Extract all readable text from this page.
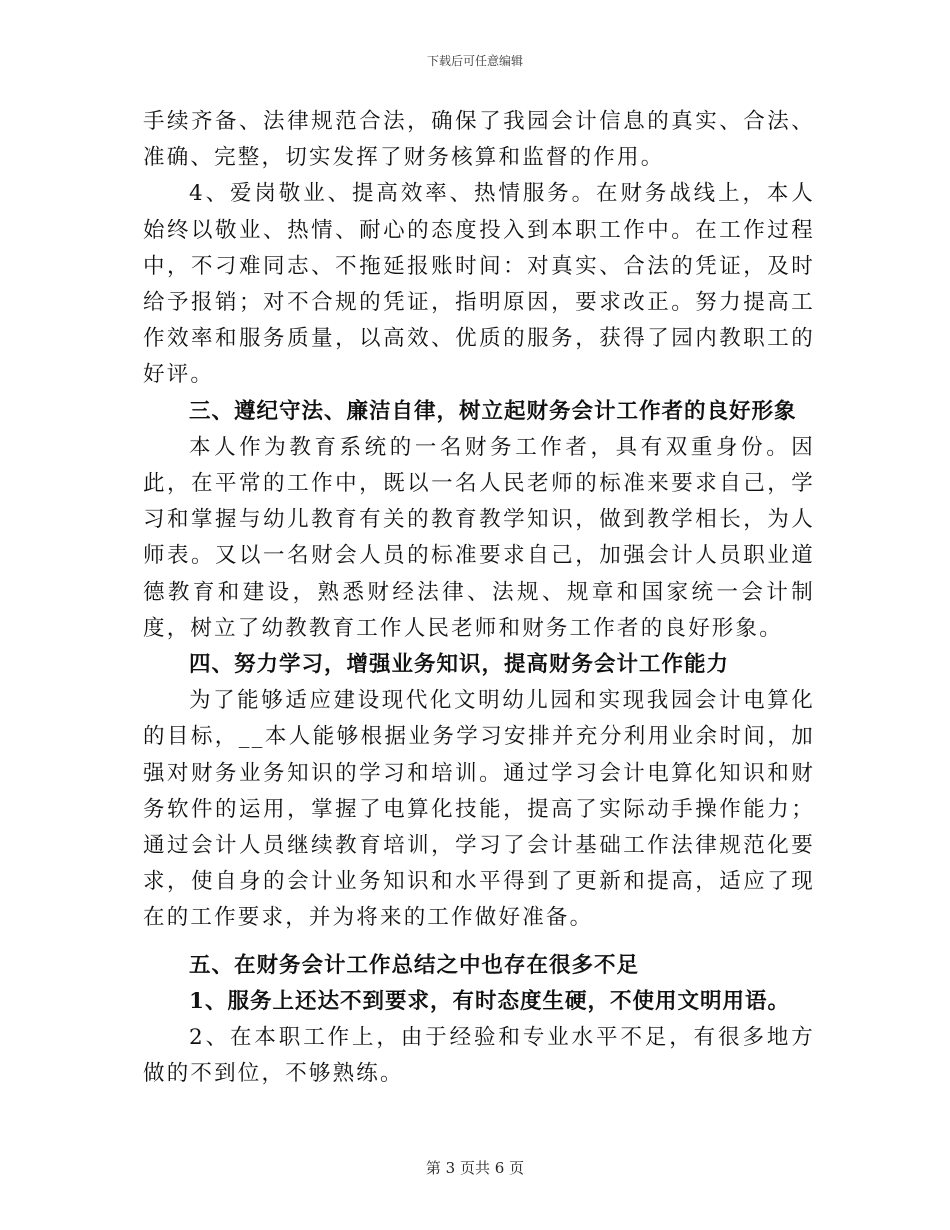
下载后可任意编辑

手续齐备、法律规范合法，确保了我园会计信息的真实、合法、准确、完整，切实发挥了财务核算和监督的作用。

4、爱岗敬业、提高效率、热情服务。在财务战线上，本人始终以敬业、热情、耐心的态度投入到本职工作中。在工作过程中，不刁难同志、不拖延报账时间：对真实、合法的凭证，及时给予报销；对不合规的凭证，指明原因，要求改正。努力提高工作效率和服务质量，以高效、优质的服务，获得了园内教职工的好评。

三、遵纪守法、廉洁自律，树立起财务会计工作者的良好形象

本人作为教育系统的一名财务工作者，具有双重身份。因此，在平常的工作中，既以一名人民老师的标准来要求自己，学习和掌握与幼儿教育有关的教育教学知识，做到教学相长，为人师表。又以一名财会人员的标准要求自己，加强会计人员职业道德教育和建设，熟悉财经法律、法规、规章和国家统一会计制度，树立了幼教教育工作人民老师和财务工作者的良好形象。

四、努力学习，增强业务知识，提高财务会计工作能力

为了能够适应建设现代化文明幼儿园和实现我园会计电算化的目标，__本人能够根据业务学习安排并充分利用业余时间，加强对财务业务知识的学习和培训。通过学习会计电算化知识和财务软件的运用，掌握了电算化技能，提高了实际动手操作能力；通过会计人员继续教育培训，学习了会计基础工作法律规范化要求，使自身的会计业务知识和水平得到了更新和提高，适应了现在的工作要求，并为将来的工作做好准备。

五、在财务会计工作总结之中也存在很多不足

1、服务上还达不到要求，有时态度生硬，不使用文明用语。

2、在本职工作上，由于经验和专业水平不足，有很多地方做的不到位，不够熟练。

第 3 页共 6 页
